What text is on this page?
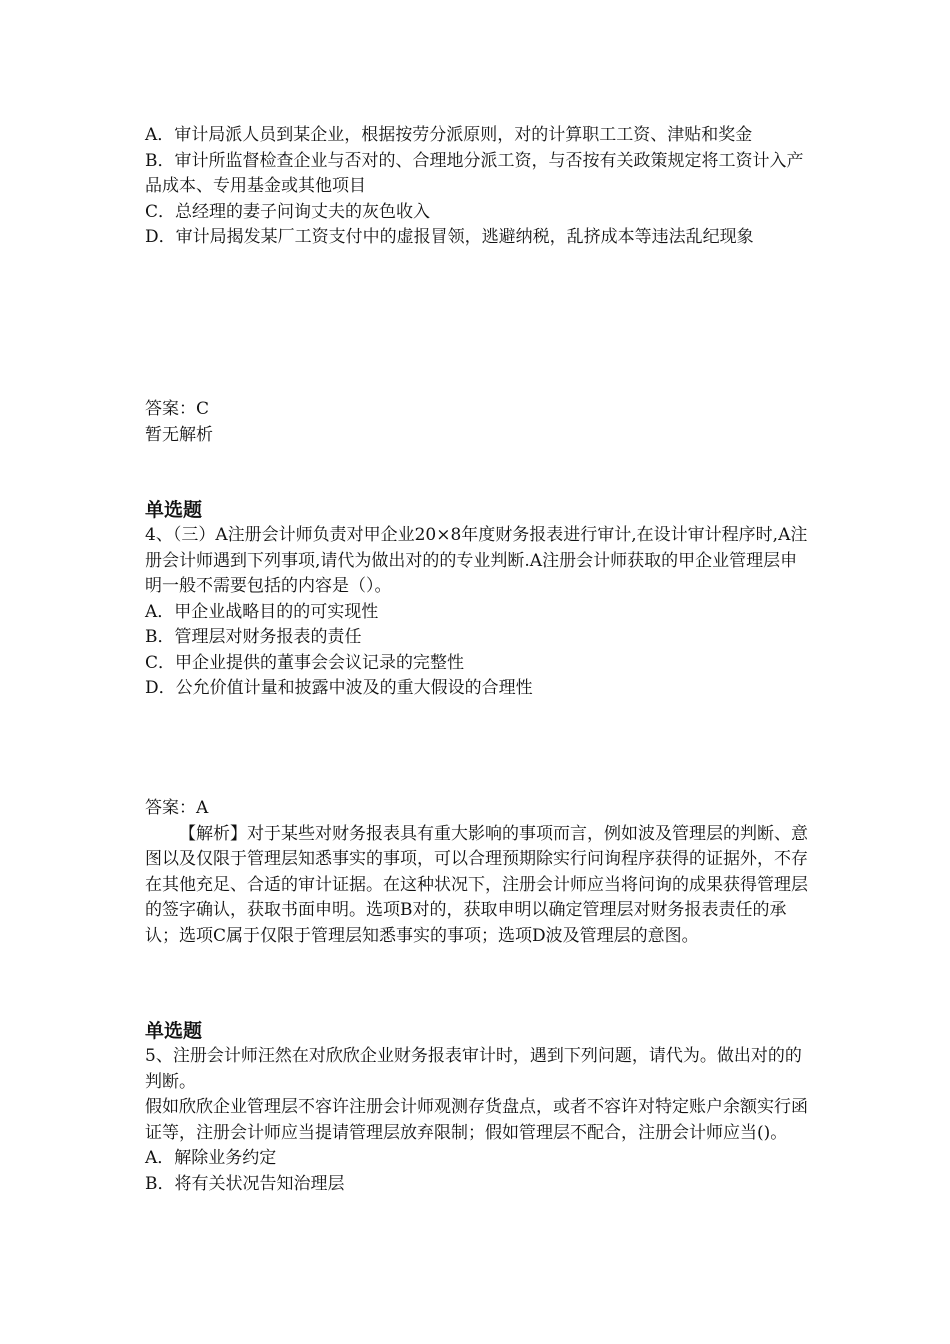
A．审计局派人员到某企业，根据按劳分派原则，对的计算职工工资、津贴和奖金

B．审计所监督检查企业与否对的、合理地分派工资，与否按有关政策规定将工资计入产品成本、专用基金或其他项目

C．总经理的妻子问询丈夫的灰色收入

D．审计局揭发某厂工资支付中的虚报冒领，逃避纳税，乱挤成本等违法乱纪现象

答案：C

暂无解析

单选题

4、（三）A注册会计师负责对甲企业20×8年度财务报表进行审计,在设计审计程序时,A注册会计师遇到下列事项,请代为做出对的的专业判断.A注册会计师获取的甲企业管理层申明一般不需要包括的内容是（）。

A．甲企业战略目的的可实现性

B．管理层对财务报表的责任

C．甲企业提供的董事会会议记录的完整性

D．公允价值计量和披露中波及的重大假设的合理性

答案：A

【解析】对于某些对财务报表具有重大影响的事项而言，例如波及管理层的判断、意图以及仅限于管理层知悉事实的事项，可以合理预期除实行问询程序获得的证据外，不存在其他充足、合适的审计证据。在这种状况下，注册会计师应当将问询的成果获得管理层的签字确认，获取书面申明。选项B对的，获取申明以确定管理层对财务报表责任的承认；选项C属于仅限于管理层知悉事实的事项；选项D波及管理层的意图。

单选题

5、注册会计师汪然在对欣欣企业财务报表审计时，遇到下列问题，请代为。做出对的的判断。

假如欣欣企业管理层不容许注册会计师观测存货盘点，或者不容许对特定账户余额实行函证等，注册会计师应当提请管理层放弃限制；假如管理层不配合，注册会计师应当()。

A．解除业务约定

B．将有关状况告知治理层
